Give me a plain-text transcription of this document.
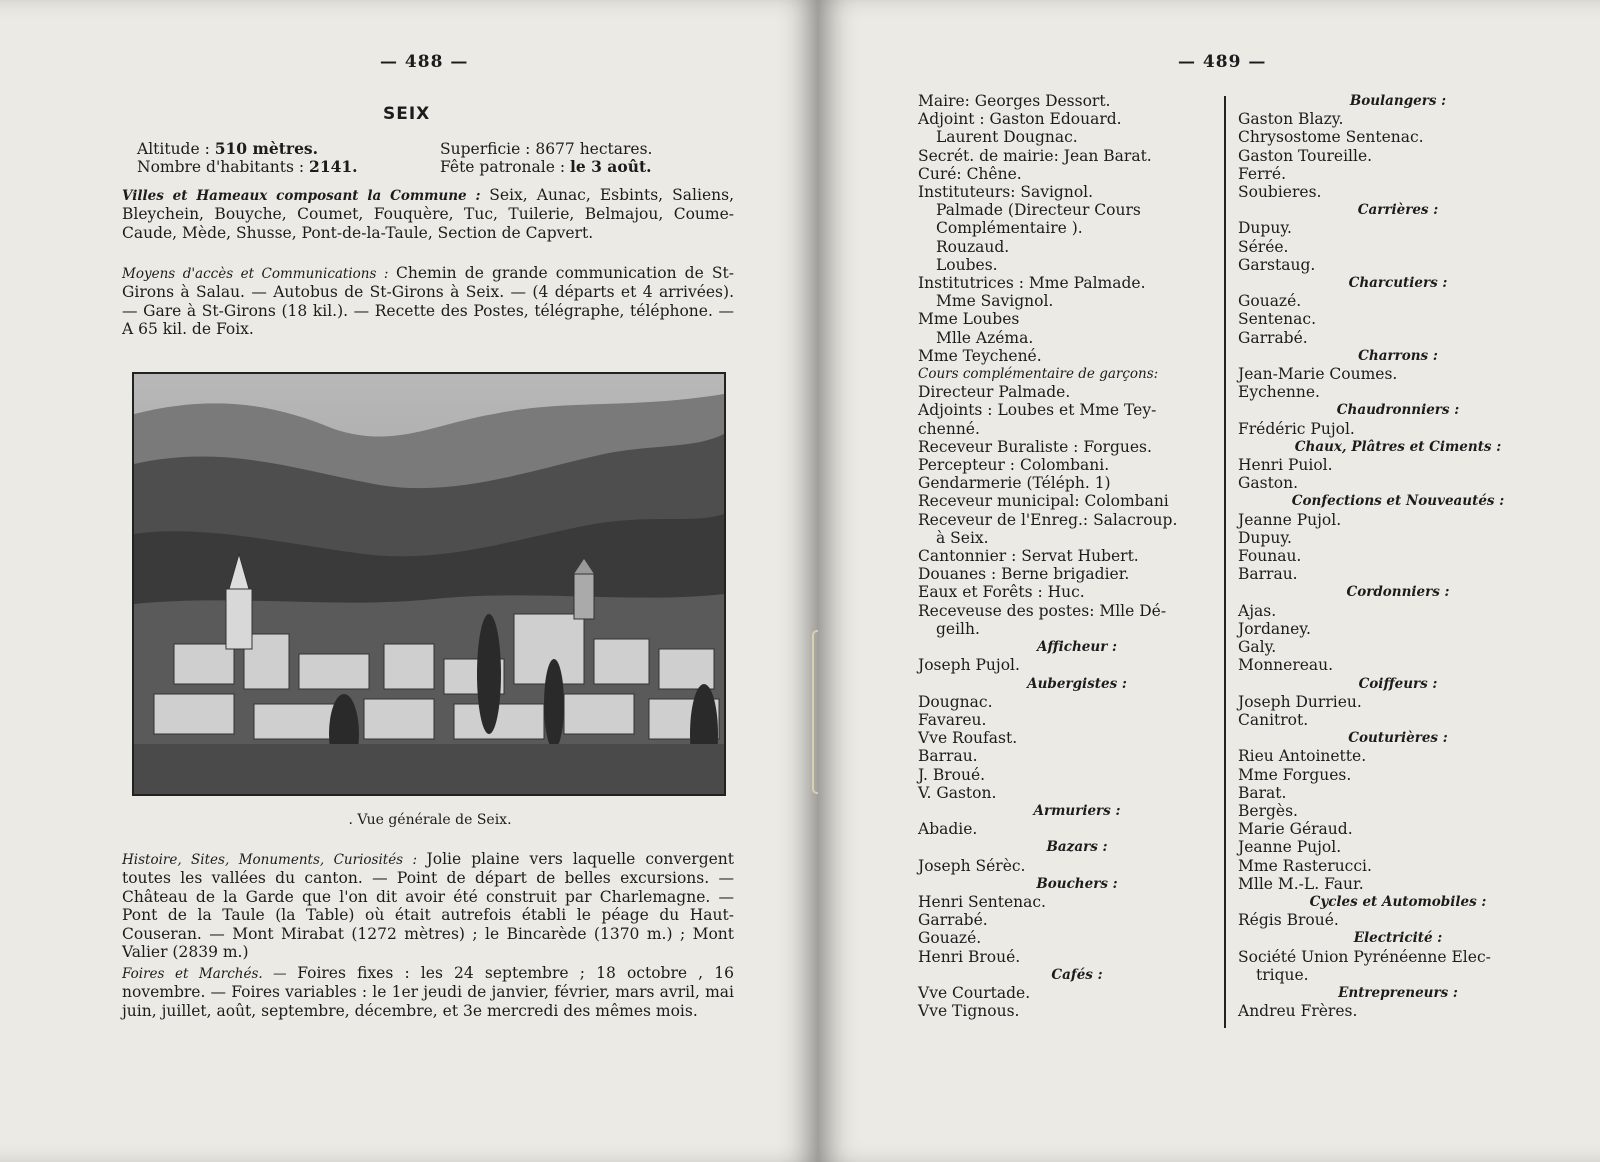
— 488 —
SEIX
Altitude : 510 mètres.
Nombre d'habitants : 2141.
Superficie : 8677 hectares.
Fête patronale : le 3 août.
Villes et Hameaux composant la Commune : Seix, Aunac, Esbints, Saliens, Bleychein, Bouyche, Coumet, Fouquère, Tuc, Tuilerie, Belmajou, Coume-Caude, Mède, Shusse, Pont-de-la-Taule, Section de Capvert.
Moyens d'accès et Communications : Chemin de grande communication de St-Girons à Salau. — Autobus de St-Girons à Seix. — (4 départs et 4 arrivées). — Gare à St-Girons (18 kil.). — Recette des Postes, télégraphe, téléphone. — A 65 kil. de Foix.
. Vue générale de Seix.
Histoire, Sites, Monuments, Curiosités : Jolie plaine vers laquelle convergent toutes les vallées du canton. — Point de départ de belles excursions. — Château de la Garde que l'on dit avoir été construit par Charlemagne. — Pont de la Taule (la Table) où était autrefois établi le péage du Haut-Couseran. — Mont Mirabat (1272 mètres) ; le Bincarède (1370 m.) ; Mont Valier (2839 m.)
Foires et Marchés. — Foires fixes : les 24 septembre ; 18 octobre , 16 novembre. — Foires variables : le 1er jeudi de janvier, février, mars avril, mai juin, juillet, août, septembre, décembre, et 3e mercredi des mêmes mois.
— 489 —
Maire: Georges Dessort.
Adjoint : Gaston Edouard.
Laurent Dougnac.
Secrét. de mairie: Jean Barat.
Curé: Chêne.
Instituteurs: Savignol.
Palmade (Directeur Cours
Complémentaire ).
Rouzaud.
Loubes.
Institutrices : Mme Palmade.
Mme Savignol.
Mme Loubes
Mlle Azéma.
Mme Teychené.
Cours complémentaire de garçons:
Directeur Palmade.
Adjoints : Loubes et Mme Tey-
chenné.
Receveur Buraliste : Forgues.
Percepteur : Colombani.
Gendarmerie (Téléph. 1)
Receveur municipal: Colombani
Receveur de l'Enreg.: Salacroup.
à Seix.
Cantonnier : Servat Hubert.
Douanes : Berne brigadier.
Eaux et Forêts : Huc.
Receveuse des postes: Mlle Dé-
geilh.
Afficheur :
Joseph Pujol.
Aubergistes :
Dougnac.
Favareu.
Vve Roufast.
Barrau.
J. Broué.
V. Gaston.
Armuriers :
Abadie.
Bazars :
Joseph Sérèc.
Bouchers :
Henri Sentenac.
Garrabé.
Gouazé.
Henri Broué.
Cafés :
Vve Courtade.
Vve Tignous.
Boulangers :
Gaston Blazy.
Chrysostome Sentenac.
Gaston Toureille.
Ferré.
Soubieres.
Carrières :
Dupuy.
Sérée.
Garstaug.
Charcutiers :
Gouazé.
Sentenac.
Garrabé.
Charrons :
Jean-Marie Coumes.
Eychenne.
Chaudronniers :
Frédéric Pujol.
Chaux, Plâtres et Ciments :
Henri Puiol.
Gaston.
Confections et Nouveautés :
Jeanne Pujol.
Dupuy.
Founau.
Barrau.
Cordonniers :
Ajas.
Jordaney.
Galy.
Monnereau.
Coiffeurs :
Joseph Durrieu.
Canitrot.
Couturières :
Rieu Antoinette.
Mme Forgues.
Barat.
Bergès.
Marie Géraud.
Jeanne Pujol.
Mme Rasterucci.
Mlle M.-L. Faur.
Cycles et Automobiles :
Régis Broué.
Electricité :
Société Union Pyrénéenne Elec-
trique.
Entrepreneurs :
Andreu Frères.
